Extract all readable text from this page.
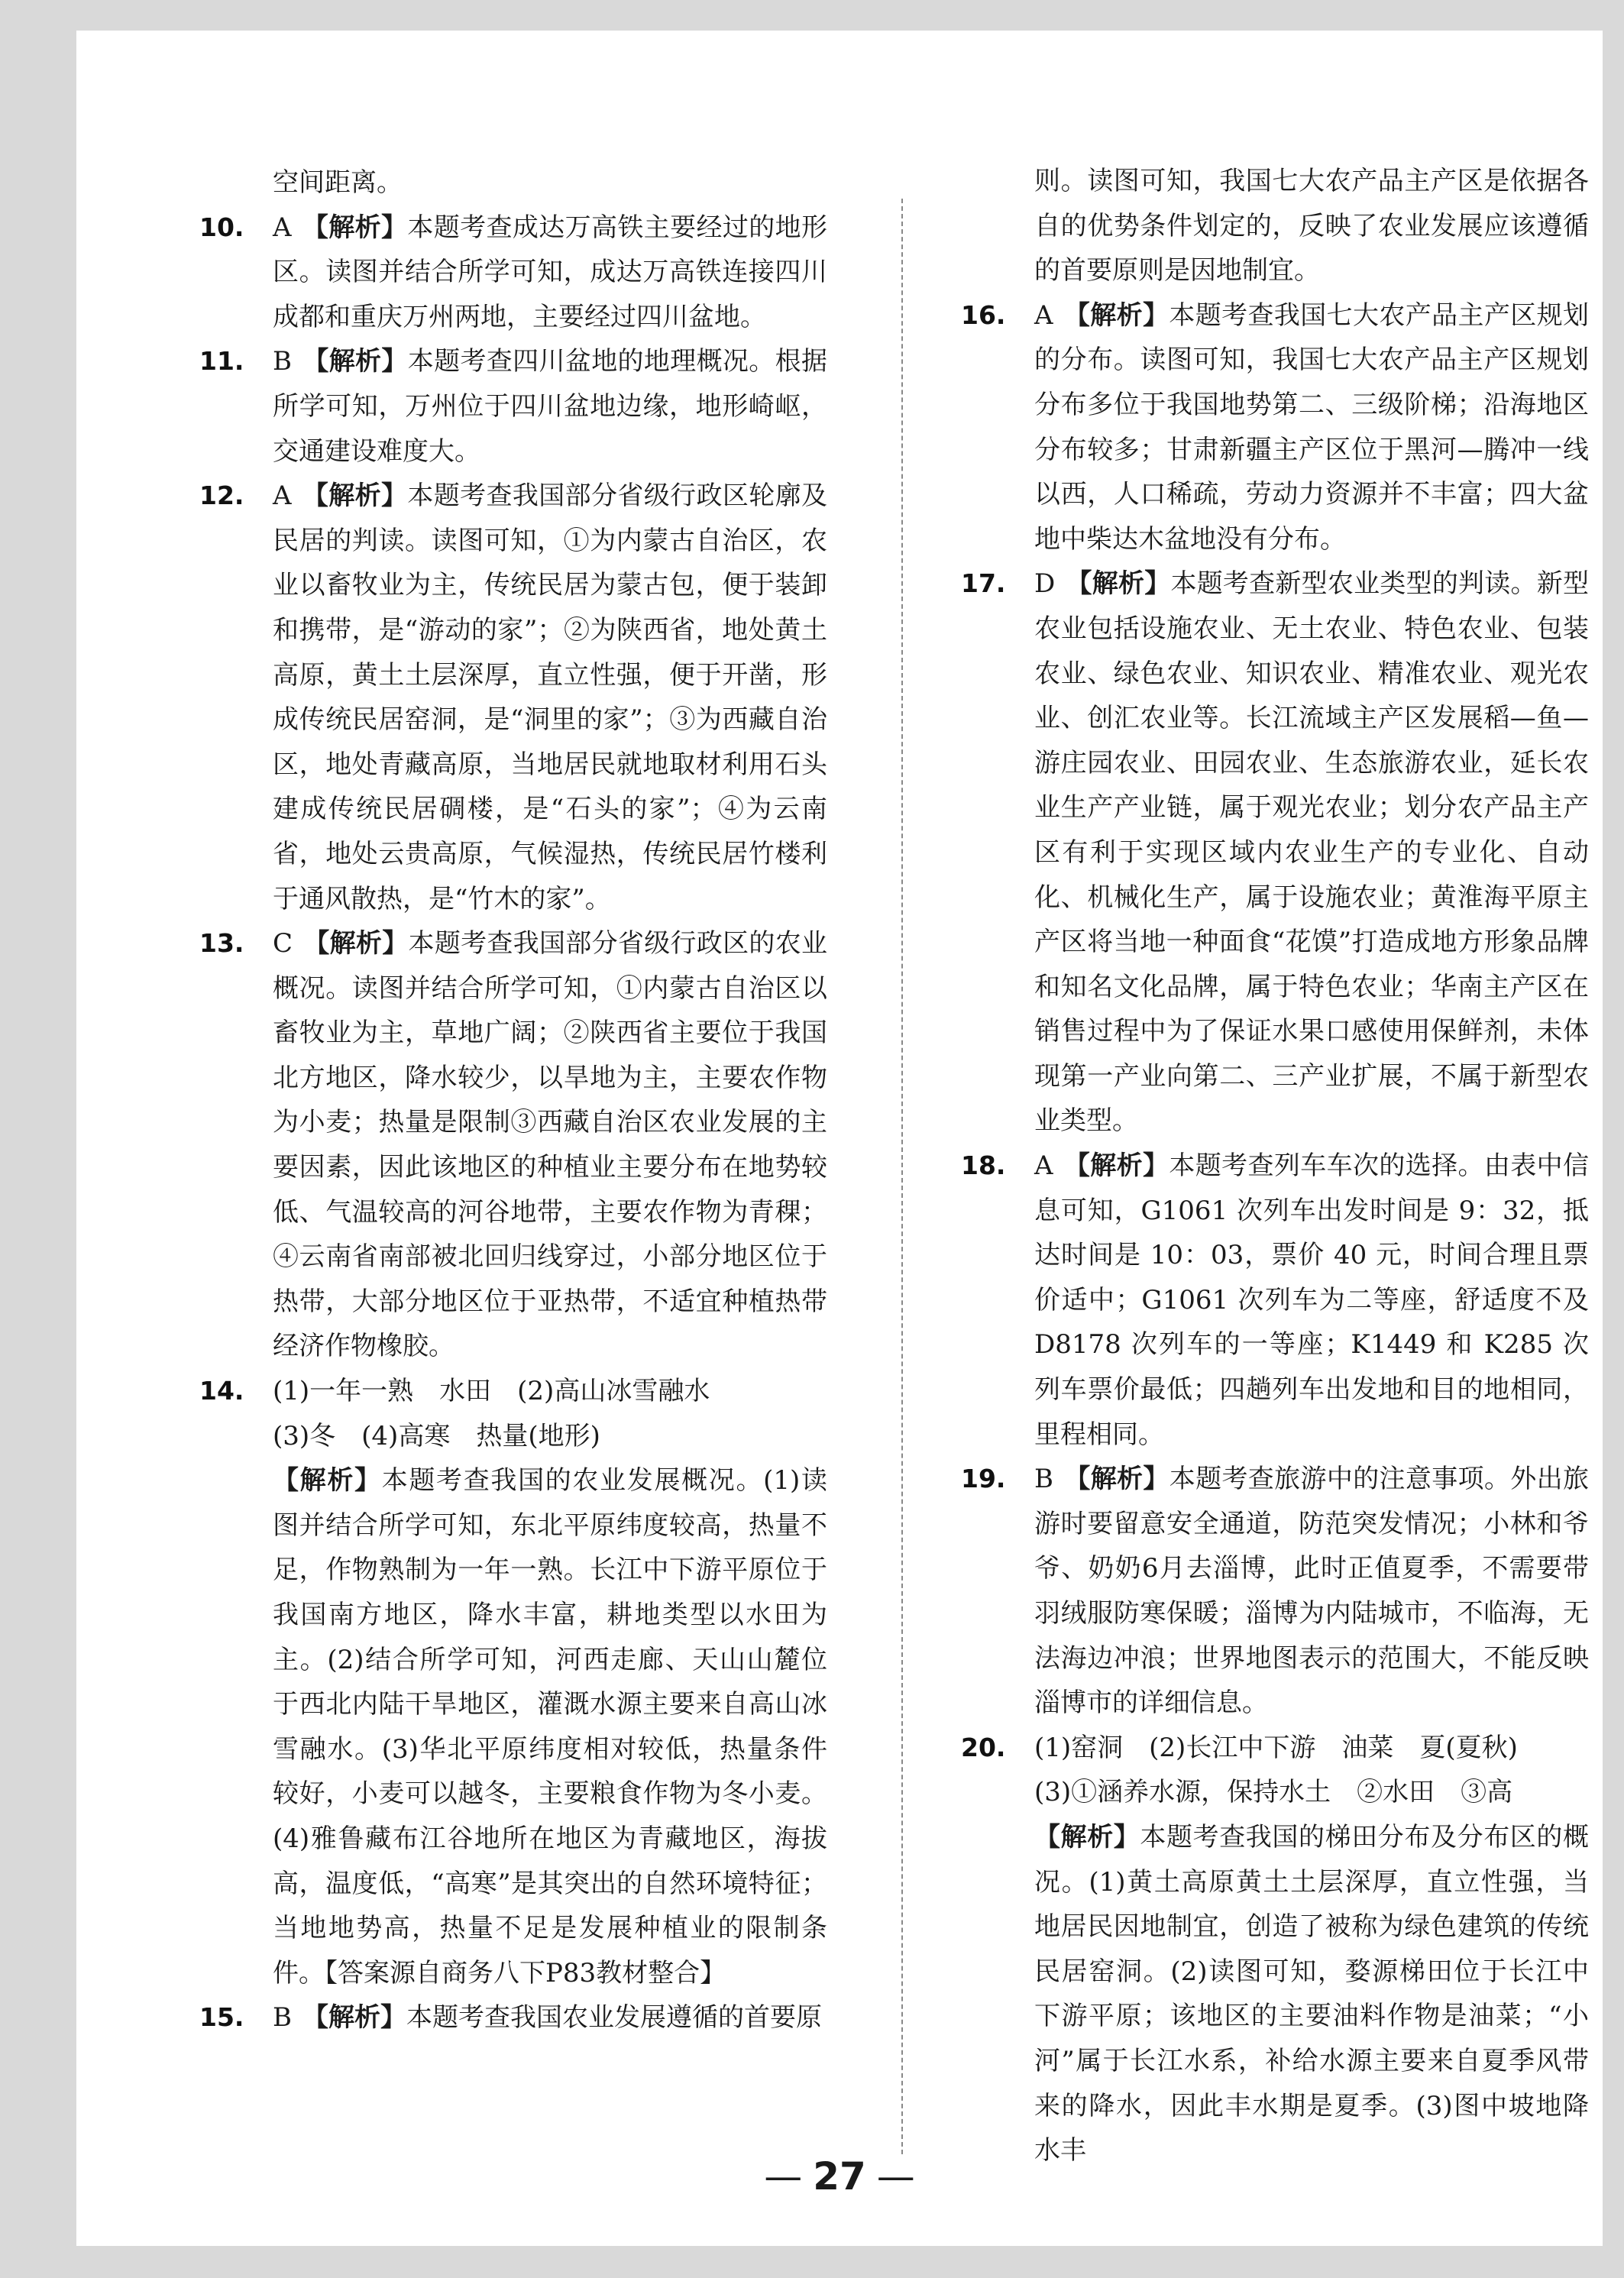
空间距离。
10. A 【解析】本题考查成达万高铁主要经过的地形区。读图并结合所学可知，成达万高铁连接四川成都和重庆万州两地，主要经过四川盆地。
11. B 【解析】本题考查四川盆地的地理概况。根据所学可知，万州位于四川盆地边缘，地形崎岖，交通建设难度大。
12. A 【解析】本题考查我国部分省级行政区轮廓及民居的判读。读图可知，①为内蒙古自治区，农业以畜牧业为主，传统民居为蒙古包，便于装卸和携带，是“游动的家”；②为陕西省，地处黄土高原，黄土土层深厚，直立性强，便于开凿，形成传统民居窑洞，是“洞里的家”；③为西藏自治区，地处青藏高原，当地居民就地取材利用石头建成传统民居碉楼，是“石头的家”；④为云南省，地处云贵高原，气候湿热，传统民居竹楼利于通风散热，是“竹木的家”。
13. C 【解析】本题考查我国部分省级行政区的农业概况。读图并结合所学可知，①内蒙古自治区以畜牧业为主，草地广阔；②陕西省主要位于我国北方地区，降水较少，以旱地为主，主要农作物为小麦；热量是限制③西藏自治区农业发展的主要因素，因此该地区的种植业主要分布在地势较低、气温较高的河谷地带，主要农作物为青稞；④云南省南部被北回归线穿过，小部分地区位于热带，大部分地区位于亚热带，不适宜种植热带经济作物橡胶。
14. (1)一年一熟　水田　(2)高山冰雪融水
(3)冬　(4)高寒　热量(地形)
【解析】本题考查我国的农业发展概况。(1)读图并结合所学可知，东北平原纬度较高，热量不足，作物熟制为一年一熟。长江中下游平原位于我国南方地区，降水丰富，耕地类型以水田为主。(2)结合所学可知，河西走廊、天山山麓位于西北内陆干旱地区，灌溉水源主要来自高山冰雪融水。(3)华北平原纬度相对较低，热量条件较好，小麦可以越冬，主要粮食作物为冬小麦。(4)雅鲁藏布江谷地所在地区为青藏地区，海拔高，温度低，“高寒”是其突出的自然环境特征；当地地势高，热量不足是发展种植业的限制条件。【答案源自商务八下P83教材整合】
15. B 【解析】本题考查我国农业发展遵循的首要原
则。读图可知，我国七大农产品主产区是依据各自的优势条件划定的，反映了农业发展应该遵循的首要原则是因地制宜。
16. A 【解析】本题考查我国七大农产品主产区规划的分布。读图可知，我国七大农产品主产区规划分布多位于我国地势第二、三级阶梯；沿海地区分布较多；甘肃新疆主产区位于黑河—腾冲一线以西，人口稀疏，劳动力资源并不丰富；四大盆地中柴达木盆地没有分布。
17. D 【解析】本题考查新型农业类型的判读。新型农业包括设施农业、无土农业、特色农业、包装农业、绿色农业、知识农业、精准农业、观光农业、创汇农业等。长江流域主产区发展稻—鱼—游庄园农业、田园农业、生态旅游农业，延长农业生产产业链，属于观光农业；划分农产品主产区有利于实现区域内农业生产的专业化、自动化、机械化生产，属于设施农业；黄淮海平原主产区将当地一种面食“花馍”打造成地方形象品牌和知名文化品牌，属于特色农业；华南主产区在销售过程中为了保证水果口感使用保鲜剂，未体现第一产业向第二、三产业扩展，不属于新型农业类型。
18. A 【解析】本题考查列车车次的选择。由表中信息可知，G1061 次列车出发时间是 9：32，抵达时间是 10：03，票价 40 元，时间合理且票价适中；G1061 次列车为二等座，舒适度不及 D8178 次列车的一等座；K1449 和 K285 次列车票价最低；四趟列车出发地和目的地相同，里程相同。
19. B 【解析】本题考查旅游中的注意事项。外出旅游时要留意安全通道，防范突发情况；小林和爷爷、奶奶6月去淄博，此时正值夏季，不需要带羽绒服防寒保暖；淄博为内陆城市，不临海，无法海边冲浪；世界地图表示的范围大，不能反映淄博市的详细信息。
20. (1)窑洞　(2)长江中下游　油菜　夏(夏秋)
(3)①涵养水源，保持水土　②水田　③高
【解析】本题考查我国的梯田分布及分布区的概况。(1)黄土高原黄土土层深厚，直立性强，当地居民因地制宜，创造了被称为绿色建筑的传统民居窑洞。(2)读图可知，婺源梯田位于长江中下游平原；该地区的主要油料作物是油菜；“小河”属于长江水系，补给水源主要来自夏季风带来的降水，因此丰水期是夏季。(3)图中坡地降水丰
— 27 —
